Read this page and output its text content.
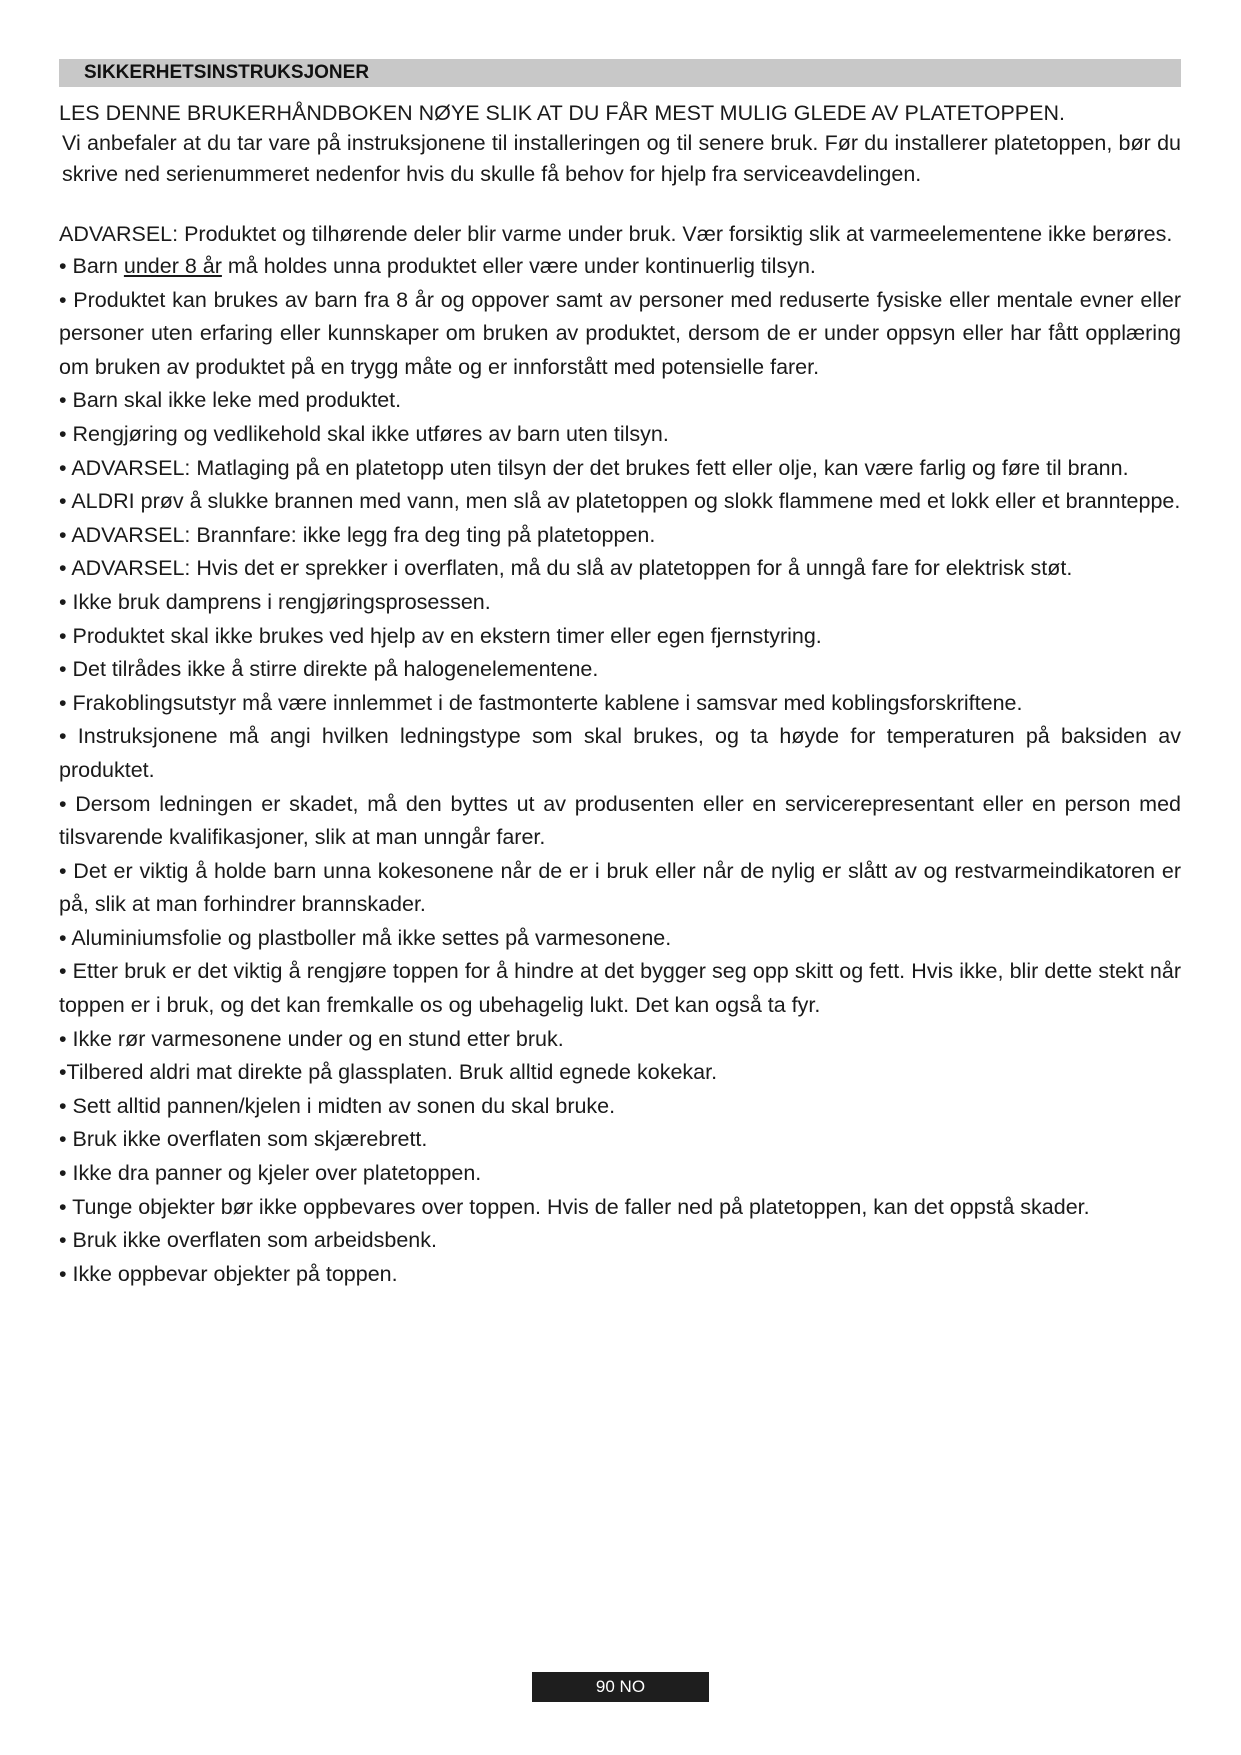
SIKKERHETSINSTRUKSJONER
LES DENNE BRUKERHÅNDBOKEN NØYE SLIK AT DU FÅR MEST MULIG GLEDE AV PLATETOPPEN.

Vi anbefaler at du tar vare på instruksjonene til installeringen og til senere bruk. Før du installerer platetoppen, bør du skrive ned serienummeret nedenfor hvis du skulle få behov for hjelp fra serviceavdelingen.

ADVARSEL: Produktet og tilhørende deler blir varme under bruk. Vær forsiktig slik at varmeelementene ikke berøres.
• Barn under 8 år må holdes unna produktet eller være under kontinuerlig tilsyn.
• Produktet kan brukes av barn fra 8 år og oppover samt av personer med reduserte fysiske eller mentale evner eller personer uten erfaring eller kunnskaper om bruken av produktet, dersom de er under oppsyn eller har fått opplæring om bruken av produktet på en trygg måte og er innforstått med potensielle farer.
• Barn skal ikke leke med produktet.
• Rengjøring og vedlikehold skal ikke utføres av barn uten tilsyn.
• ADVARSEL: Matlaging på en platetopp uten tilsyn der det brukes fett eller olje, kan være farlig og føre til brann.
• ALDRI prøv å slukke brannen med vann, men slå av platetoppen og slokk flammene med et lokk eller et brannteppe.
• ADVARSEL: Brannfare: ikke legg fra deg ting på platetoppen.
• ADVARSEL: Hvis det er sprekker i overflaten, må du slå av platetoppen for å unngå fare for elektrisk støt.
• Ikke bruk damprens i rengjøringsprosessen.
• Produktet skal ikke brukes ved hjelp av en ekstern timer eller egen fjernstyring.
• Det tilrådes ikke å stirre direkte på halogenelementene.
• Frakoblingsutstyr må være innlemmet i de fastmonterte kablene i samsvar med koblingsforskriftene.
• Instruksjonene må angi hvilken ledningstype som skal brukes, og ta høyde for temperaturen på baksiden av produktet.
• Dersom ledningen er skadet, må den byttes ut av produsenten eller en servicerepresentant eller en person med tilsvarende kvalifikasjoner, slik at man unngår farer.
• Det er viktig å holde barn unna kokesonene når de er i bruk eller når de nylig er slått av og restvarmeindikatoren er på, slik at man forhindrer brannskader.
• Aluminiumsfolie og plastboller må ikke settes på varmesonene.
• Etter bruk er det viktig å rengjøre toppen for å hindre at det bygger seg opp skitt og fett. Hvis ikke, blir dette stekt når toppen er i bruk, og det kan fremkalle os og ubehagelig lukt. Det kan også ta fyr.
• Ikke rør varmesonene under og en stund etter bruk.
•Tilbered aldri mat direkte på glassplaten. Bruk alltid egnede kokekar.
• Sett alltid pannen/kjelen i midten av sonen du skal bruke.
• Bruk ikke overflaten som skjærebrett.
• Ikke dra panner og kjeler over platetoppen.
• Tunge objekter bør ikke oppbevares over toppen. Hvis de faller ned på platetoppen, kan det oppstå skader.
• Bruk ikke overflaten som arbeidsbenk.
• Ikke oppbevar objekter på toppen.
90 NO
